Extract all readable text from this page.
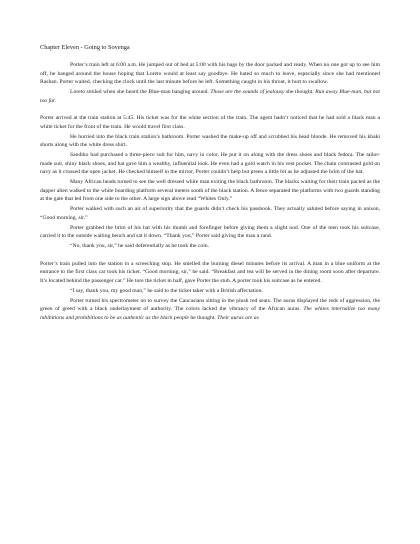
Chapter Eleven - Going to Sovenga

Porter’s train left at 6:00 a.m. He jumped out of bed at 5:00 with his bags by the door packed and ready. When no one got up to see him off, he banged around the house hoping that Loreto would at least say goodbye. He hated so much to leave, especially since she had mentioned Rashan. Porter waited, checking the clock until the last minute before he left. Something caught in his throat, it hurt to swallow.

Loreto smiled when she heard the Blue-man banging around. Those are the sounds of jealousy she thought. Run away Blue-man, but not too far.

Porter arrived at the train station at 5:45. His ticket was for the white section of the train. The agent hadn’t noticed that he had sold a black man a white ticket for the front of the train. He would travel first class.

He hurried into the black train station’s bathroom. Porter washed the make-up off and scrubbed his head blonde. He removed his khaki shorts along with the white dress shirt.

Sandiko had purchased a three-piece suit for him, navy in color. He put it on along with the dress shoes and black fedora. The tailor-made suit, shiny black shoes, and hat gave him a wealthy, influential look. He even had a gold watch in his vest pocket. The chain contrasted gold on navy as it crossed the open jacket. He checked himself in the mirror, Porter couldn’t help but preen a little bit as he adjusted the brim of the hat.

Many African heads turned to see the well dressed white man exiting the black bathroom. The blacks waiting for their train pacted as the dapper alien walked to the white boarding platform several meters south of the black station. A fence separated the platforms with two guards standing at the gate that led from one side to the other. A large sign above read “Whites Only.”

Porter walked with such an air of superiority that the guards didn’t check his passbook. They actually saluted before saying in unison, “Good morning, sir.”

Porter grabbed the brim of his hat with his thumb and forefinger before giving them a slight nod. One of the men took his suitcase, carried it to the outside waiting bench and sat it down. “Thank you,” Porter said giving the man a rand.

“No, thank you, sir,” he said deferentially as he took the coin.

Porter’s train pulled into the station in a screeching stop. He smelled the burning diesel minutes before its arrival. A man in a blue uniform at the entrance to the first class car took his ticket. “Good morning, sir,” he said. “Breakfast and tea will be served in the dining room soon after departure. It’s located behind the passenger car.” He tore the ticket in half, gave Porter the stub. A porter took his suitcase as he entered.

“I say, thank you, my good man,” he said to the ticket taker with a British affectation.

Porter turned his spectrometer on to survey the Caucasians sitting in the plush red seats. The auras displayed the reds of aggression, the green of greed with a black underlayment of authority. The colors lacked the vibrancy of the African auras. The whites internalize too many inhibitions and prohibitions to be as authentic as the black people he thought. Their auras are as
